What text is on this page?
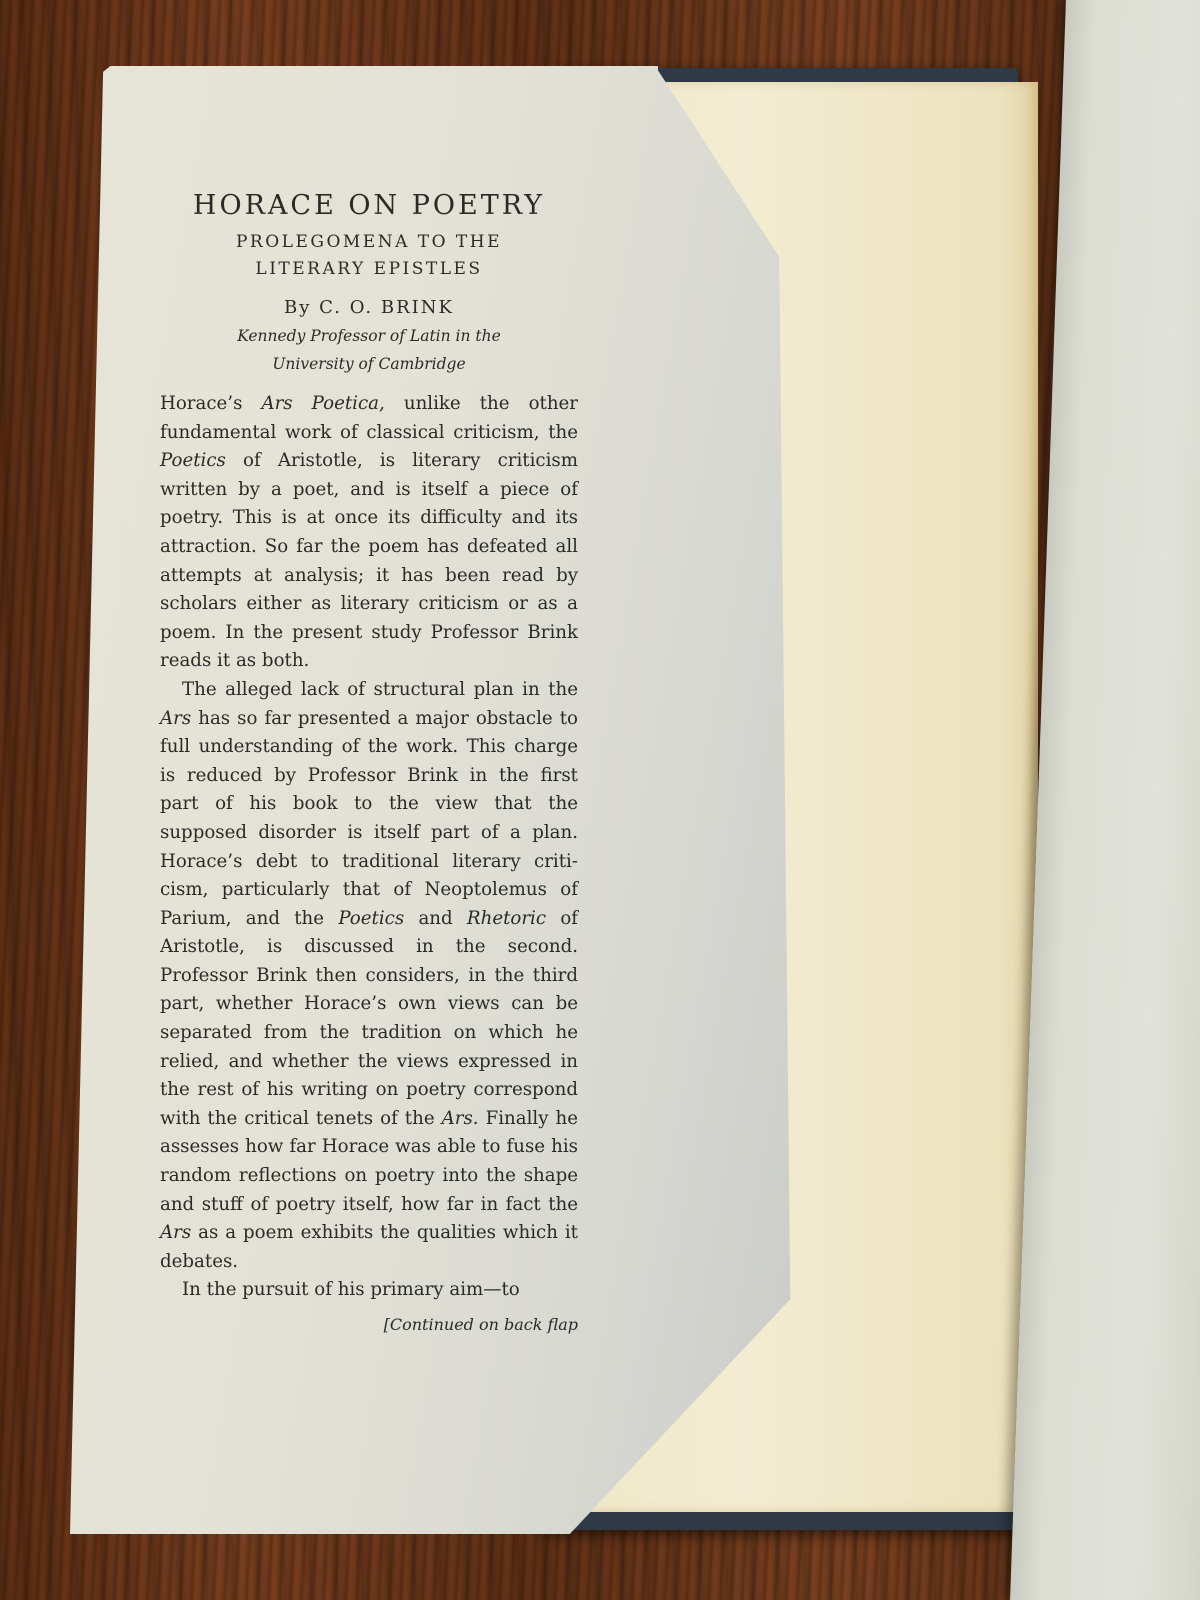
HORACE ON POETRY
PROLEGOMENA TO THE
LITERARY EPISTLES
By C. O. BRINK
Kennedy Professor of Latin in the
University of Cambridge

Horace’s Ars Poetica, unlike the other fundamental work of classical criticism, the Poetics of Aristotle, is literary criticism written by a poet, and is itself a piece of poetry. This is at once its difficulty and its attraction. So far the poem has defeated all attempts at analysis; it has been read by scholars either as literary criticism or as a poem. In the present study Professor Brink reads it as both.

The alleged lack of structural plan in the Ars has so far presented a major obstacle to full understanding of the work. This charge is reduced by Professor Brink in the first part of his book to the view that the supposed disorder is itself part of a plan. Horace’s debt to traditional literary criticism, particularly that of Neoptolemus of Parium, and the Poetics and Rhetoric of Aristotle, is discussed in the second. Professor Brink then considers, in the third part, whether Horace’s own views can be separated from the tradition on which he relied, and whether the views expressed in the rest of his writing on poetry correspond with the critical tenets of the Ars. Finally he assesses how far Horace was able to fuse his random reflections on poetry into the shape and stuff of poetry itself, how far in fact the Ars as a poem exhibits the qualities which it debates.

In the pursuit of his primary aim—to

[Continued on back flap
